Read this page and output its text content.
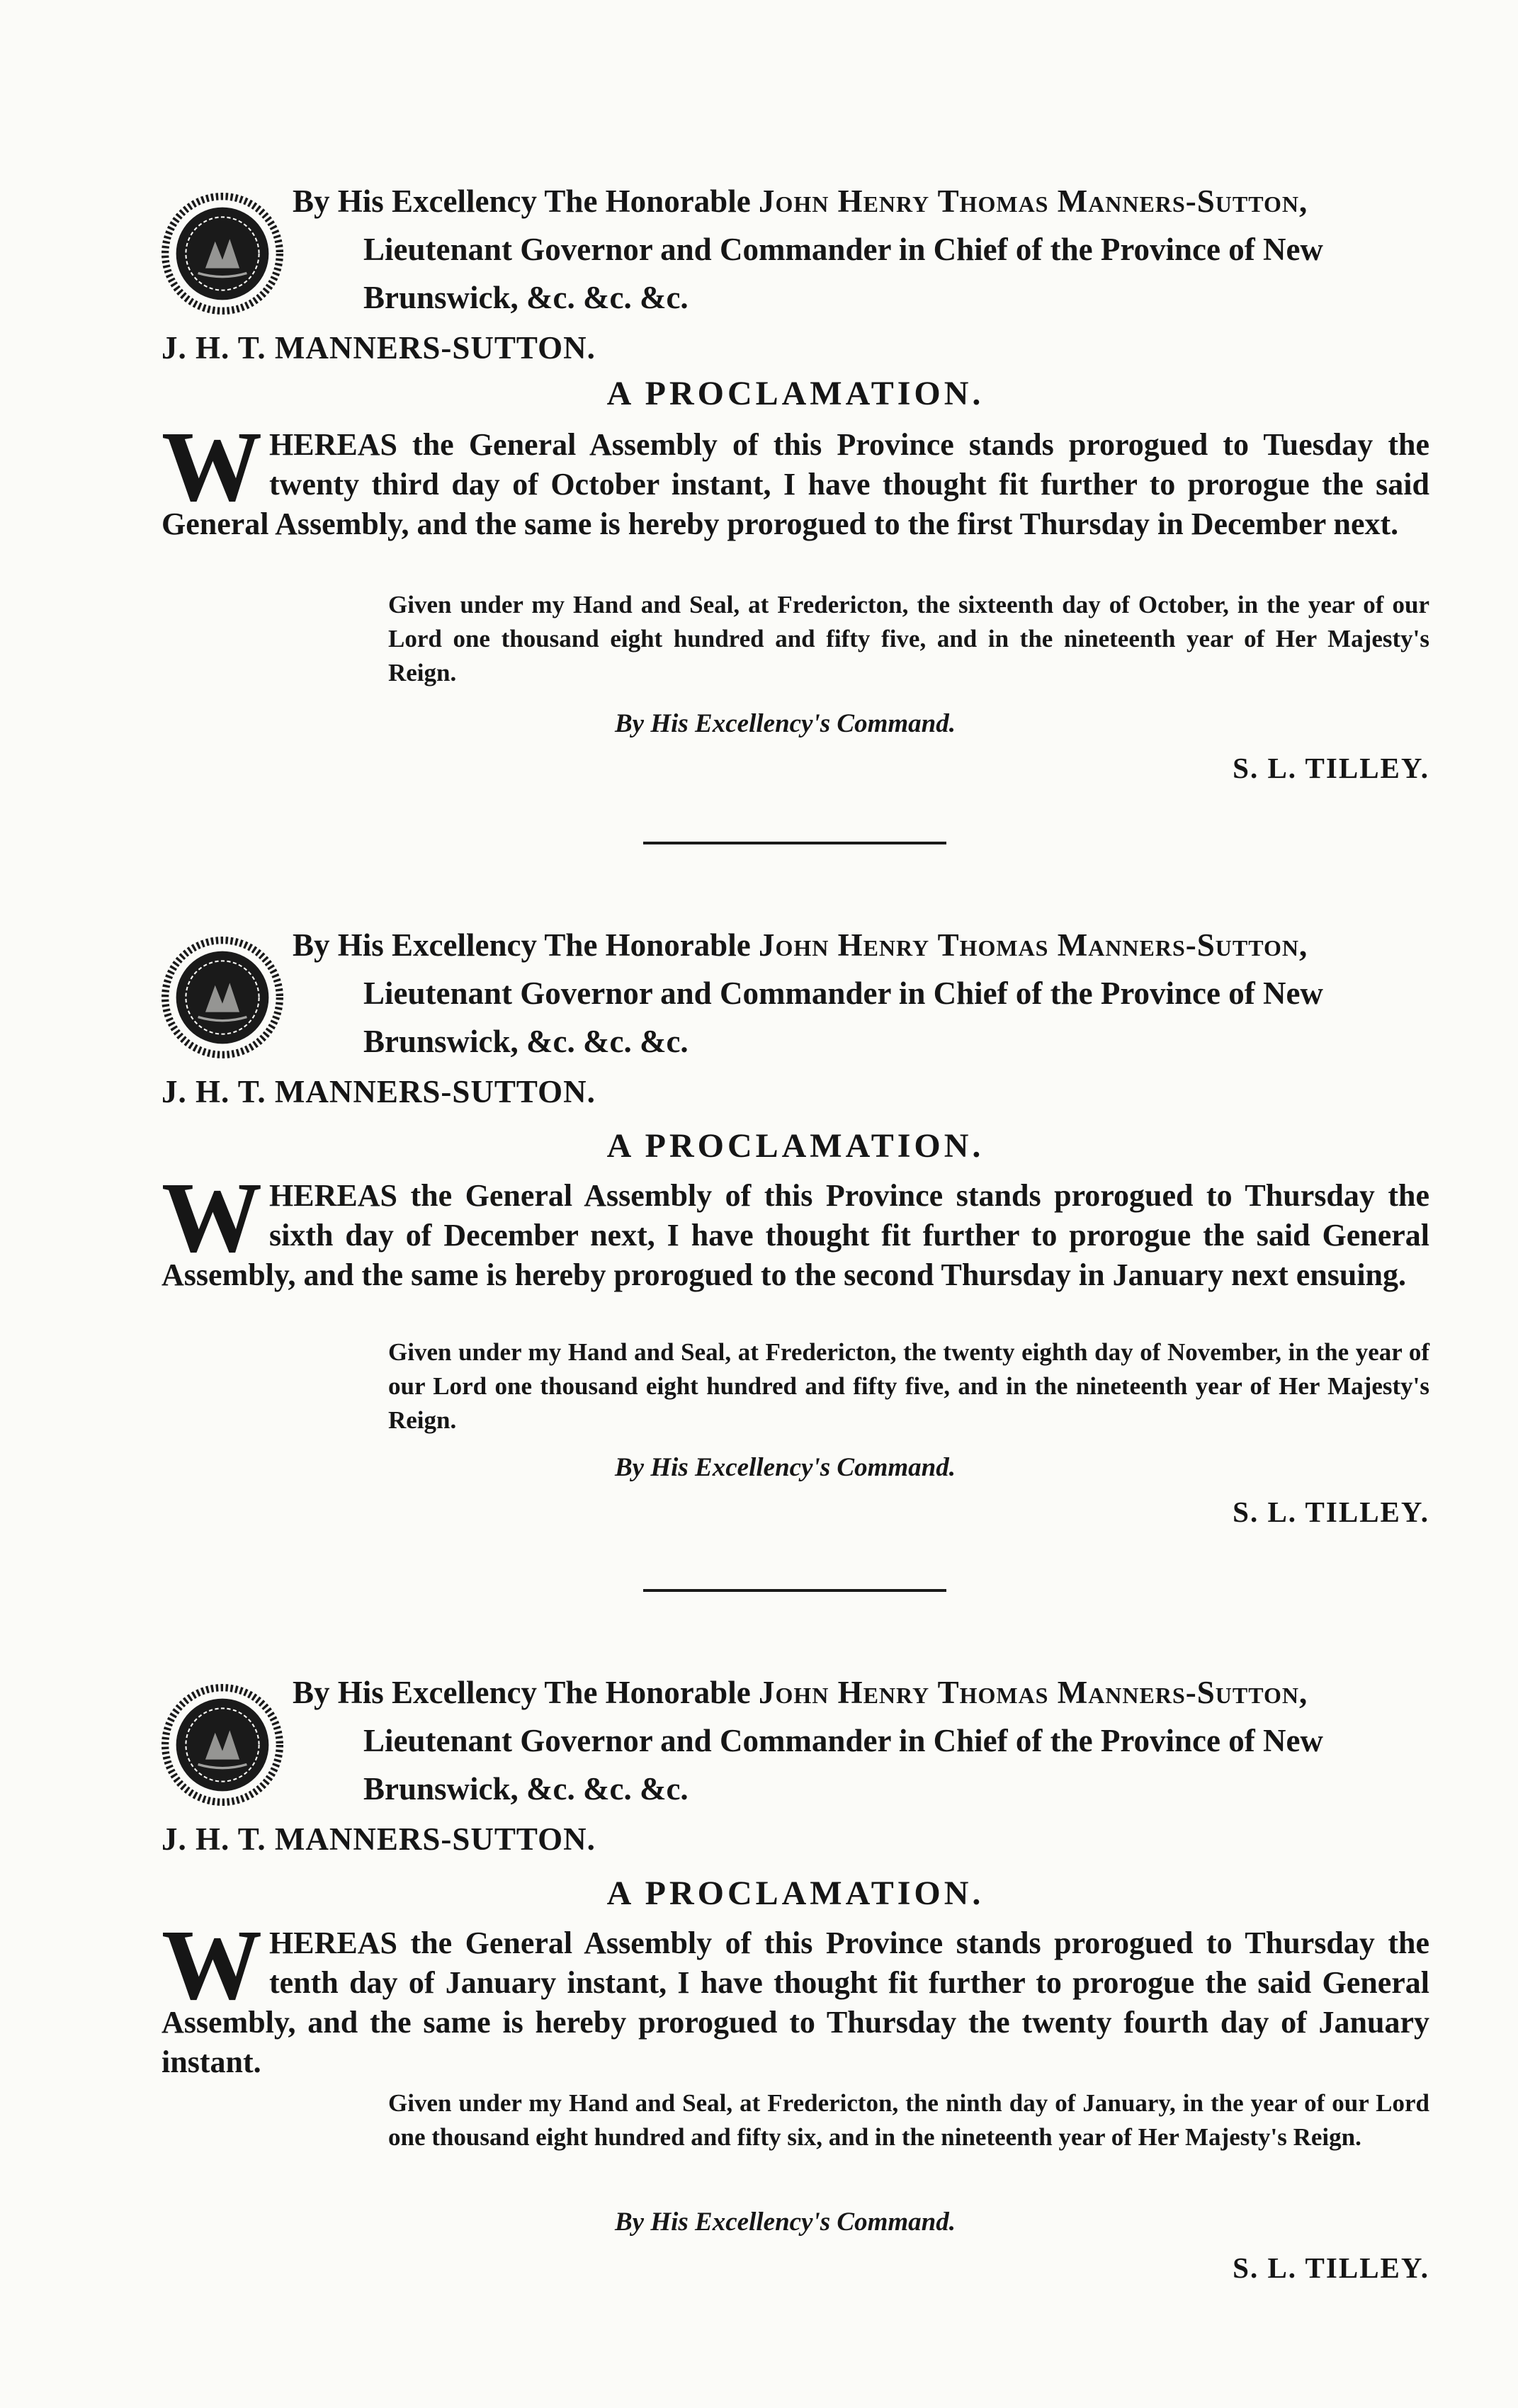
By His Excellency The Honorable John Henry Thomas Manners-Sutton,
Lieutenant Governor and Commander in Chief of the Province of New
Brunswick, &c. &c. &c.
J. H. T. MANNERS-SUTTON.
A PROCLAMATION.
WHEREAS the General Assembly of this Province stands prorogued to Tuesday the twenty third day of October instant, I have thought fit further to prorogue the said General Assembly, and the same is hereby prorogued to the first Thursday in December next.
Given under my Hand and Seal, at Fredericton, the sixteenth day of October, in the year of our Lord one thousand eight hundred and fifty five, and in the nineteenth year of Her Majesty's Reign.
By His Excellency's Command.
S. L. TILLEY.
By His Excellency The Honorable John Henry Thomas Manners-Sutton,
Lieutenant Governor and Commander in Chief of the Province of New
Brunswick, &c. &c. &c.
J. H. T. MANNERS-SUTTON.
A PROCLAMATION.
WHEREAS the General Assembly of this Province stands prorogued to Thursday the sixth day of December next, I have thought fit further to prorogue the said General Assembly, and the same is hereby prorogued to the second Thursday in January next ensuing.
Given under my Hand and Seal, at Fredericton, the twenty eighth day of November, in the year of our Lord one thousand eight hundred and fifty five, and in the nineteenth year of Her Majesty's Reign.
By His Excellency's Command.
S. L. TILLEY.
By His Excellency The Honorable John Henry Thomas Manners-Sutton,
Lieutenant Governor and Commander in Chief of the Province of New
Brunswick, &c. &c. &c.
J. H. T. MANNERS-SUTTON.
A PROCLAMATION.
WHEREAS the General Assembly of this Province stands prorogued to Thursday the tenth day of January instant, I have thought fit further to prorogue the said General Assembly, and the same is hereby prorogued to Thursday the twenty fourth day of January instant.
Given under my Hand and Seal, at Fredericton, the ninth day of January, in the year of our Lord one thousand eight hundred and fifty six, and in the nineteenth year of Her Majesty's Reign.
By His Excellency's Command.
S. L. TILLEY.
